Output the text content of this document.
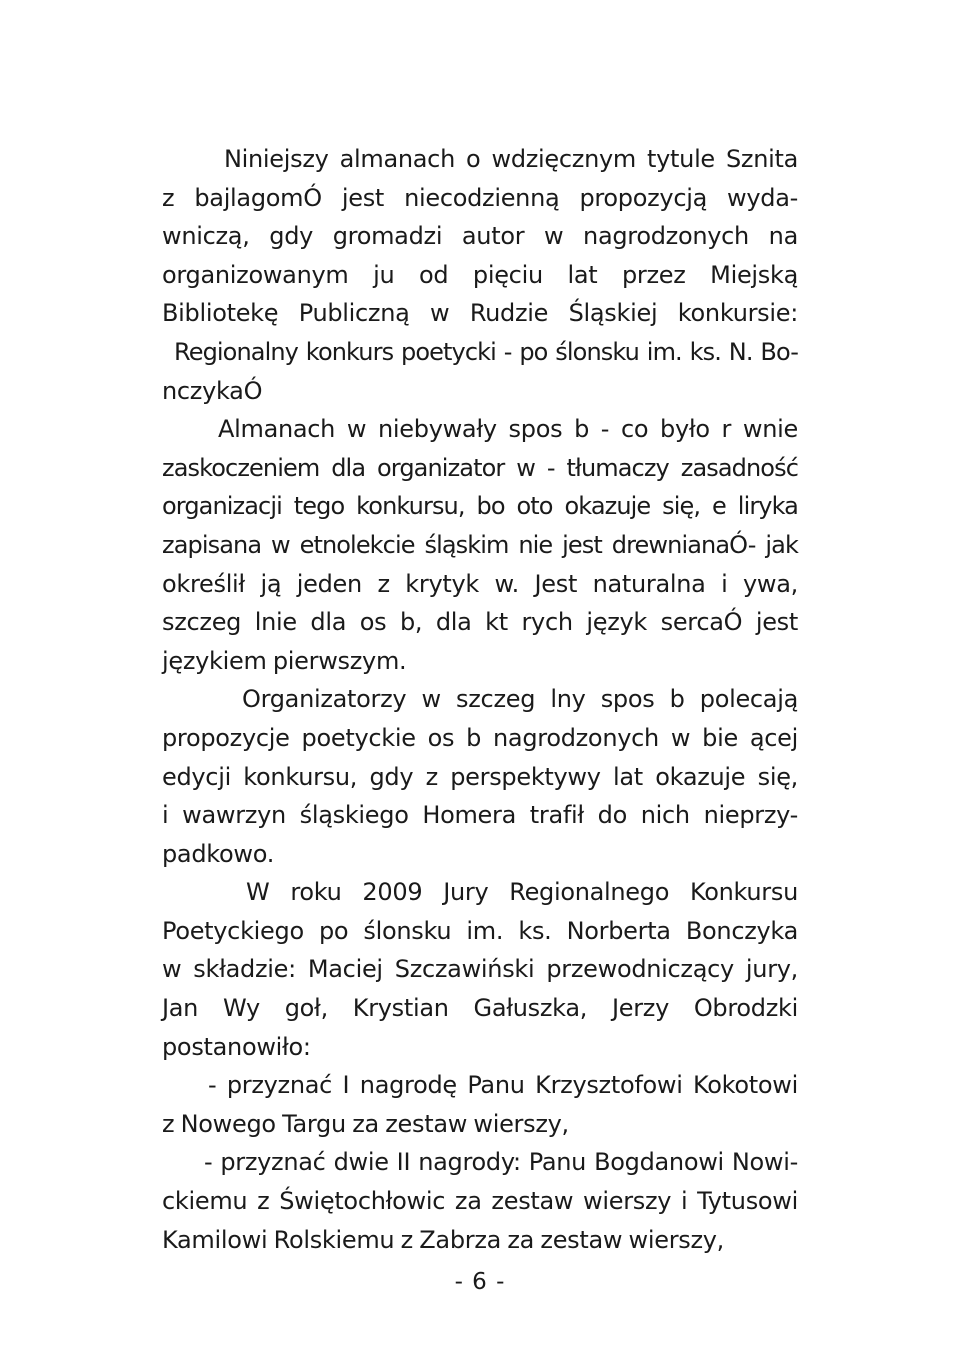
Niniejszy almanach o wdzięcznym tytule Sznita
z bajlagomÓ jest niecodzienną propozycją wyda-
wniczą, gdy gromadzi autor w nagrodzonych na
organizowanym ju od pięciu lat przez Miejską
Bibliotekę Publiczną w Rudzie Śląskiej konkursie:
Regionalny konkurs poetycki - po ślonsku im. ks. N. Bo-
nczykaÓ
Almanach w niebywały spos b - co było r wnie
zaskoczeniem dla organizator w - tłumaczy zasadność
organizacji tego konkursu, bo oto okazuje się, e liryka
zapisana w etnolekcie śląskim nie jest drewnianaÓ- jak
określił ją jeden z krytyk w. Jest naturalna i ywa,
szczeg lnie dla os b, dla kt rych język sercaÓ jest
językiem pierwszym.
Organizatorzy w szczeg lny spos b polecają
propozycje poetyckie os b nagrodzonych w bie ącej
edycji konkursu, gdy z perspektywy lat okazuje się,
i wawrzyn śląskiego Homera trafił do nich nieprzy-
padkowo.
W roku 2009 Jury Regionalnego Konkursu
Poetyckiego po ślonsku im. ks. Norberta Bonczyka
w składzie: Maciej Szczawiński przewodniczący jury,
Jan Wy goł, Krystian Gałuszka, Jerzy Obrodzki
postanowiło:
- przyznać I nagrodę Panu Krzysztofowi Kokotowi
z Nowego Targu za zestaw wierszy,
- przyznać dwie II nagrody: Panu Bogdanowi Nowi-
ckiemu z Świętochłowic za zestaw wierszy i Tytusowi
Kamilowi Rolskiemu z Zabrza za zestaw wierszy,
- 6 -
